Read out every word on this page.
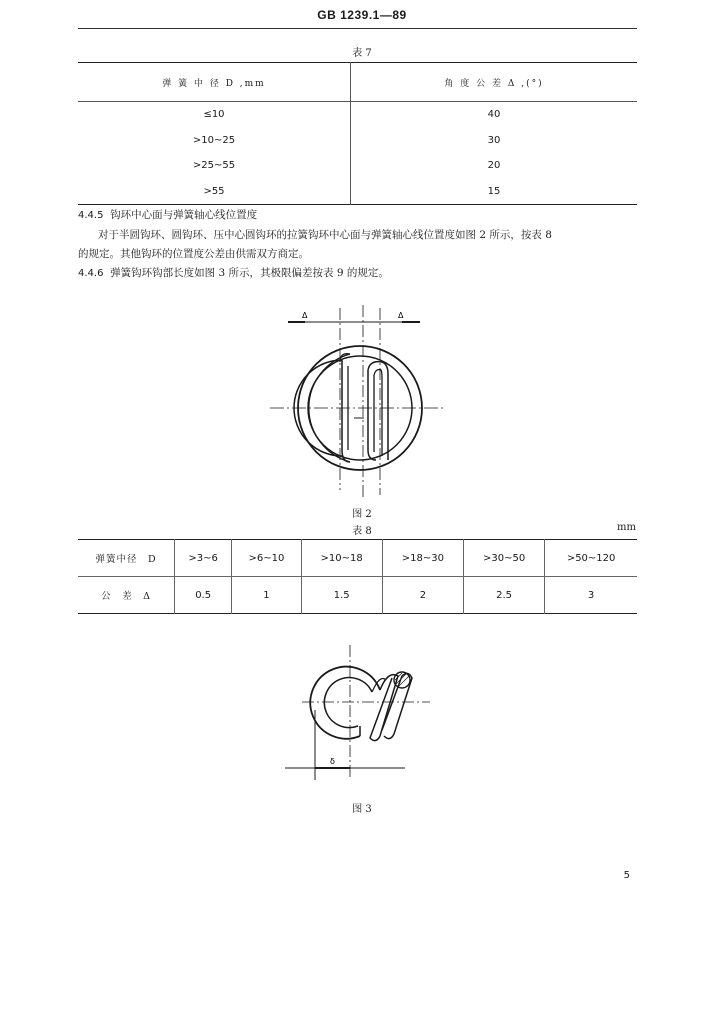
GB 1239.1—89
表 7
弹 簧 中 径 D ,mm	角 度 公 差 Δ ,(°)
≤10	40
>10~25	30
>25~55	20
>55	15
4.4.5 钩环中心面与弹簧轴心线位置度
对于半圆钩环、圆钩环、压中心圆钩环的拉簧钩环中心面与弹簧轴心线位置度如图 2 所示，按表 8
的规定。其他钩环的位置度公差由供需双方商定。
4.4.6 弹簧钩环钩部长度如图 3 所示，其极限偏差按表 9 的规定。
Δ	Δ
图 2
表 8	mm
弹簧中径　D	>3~6	>6~10	>10~18	>18~30	>30~50	>50~120
公　差　Δ	0.5	1	1.5	2	2.5	3
δ
图 3
5
